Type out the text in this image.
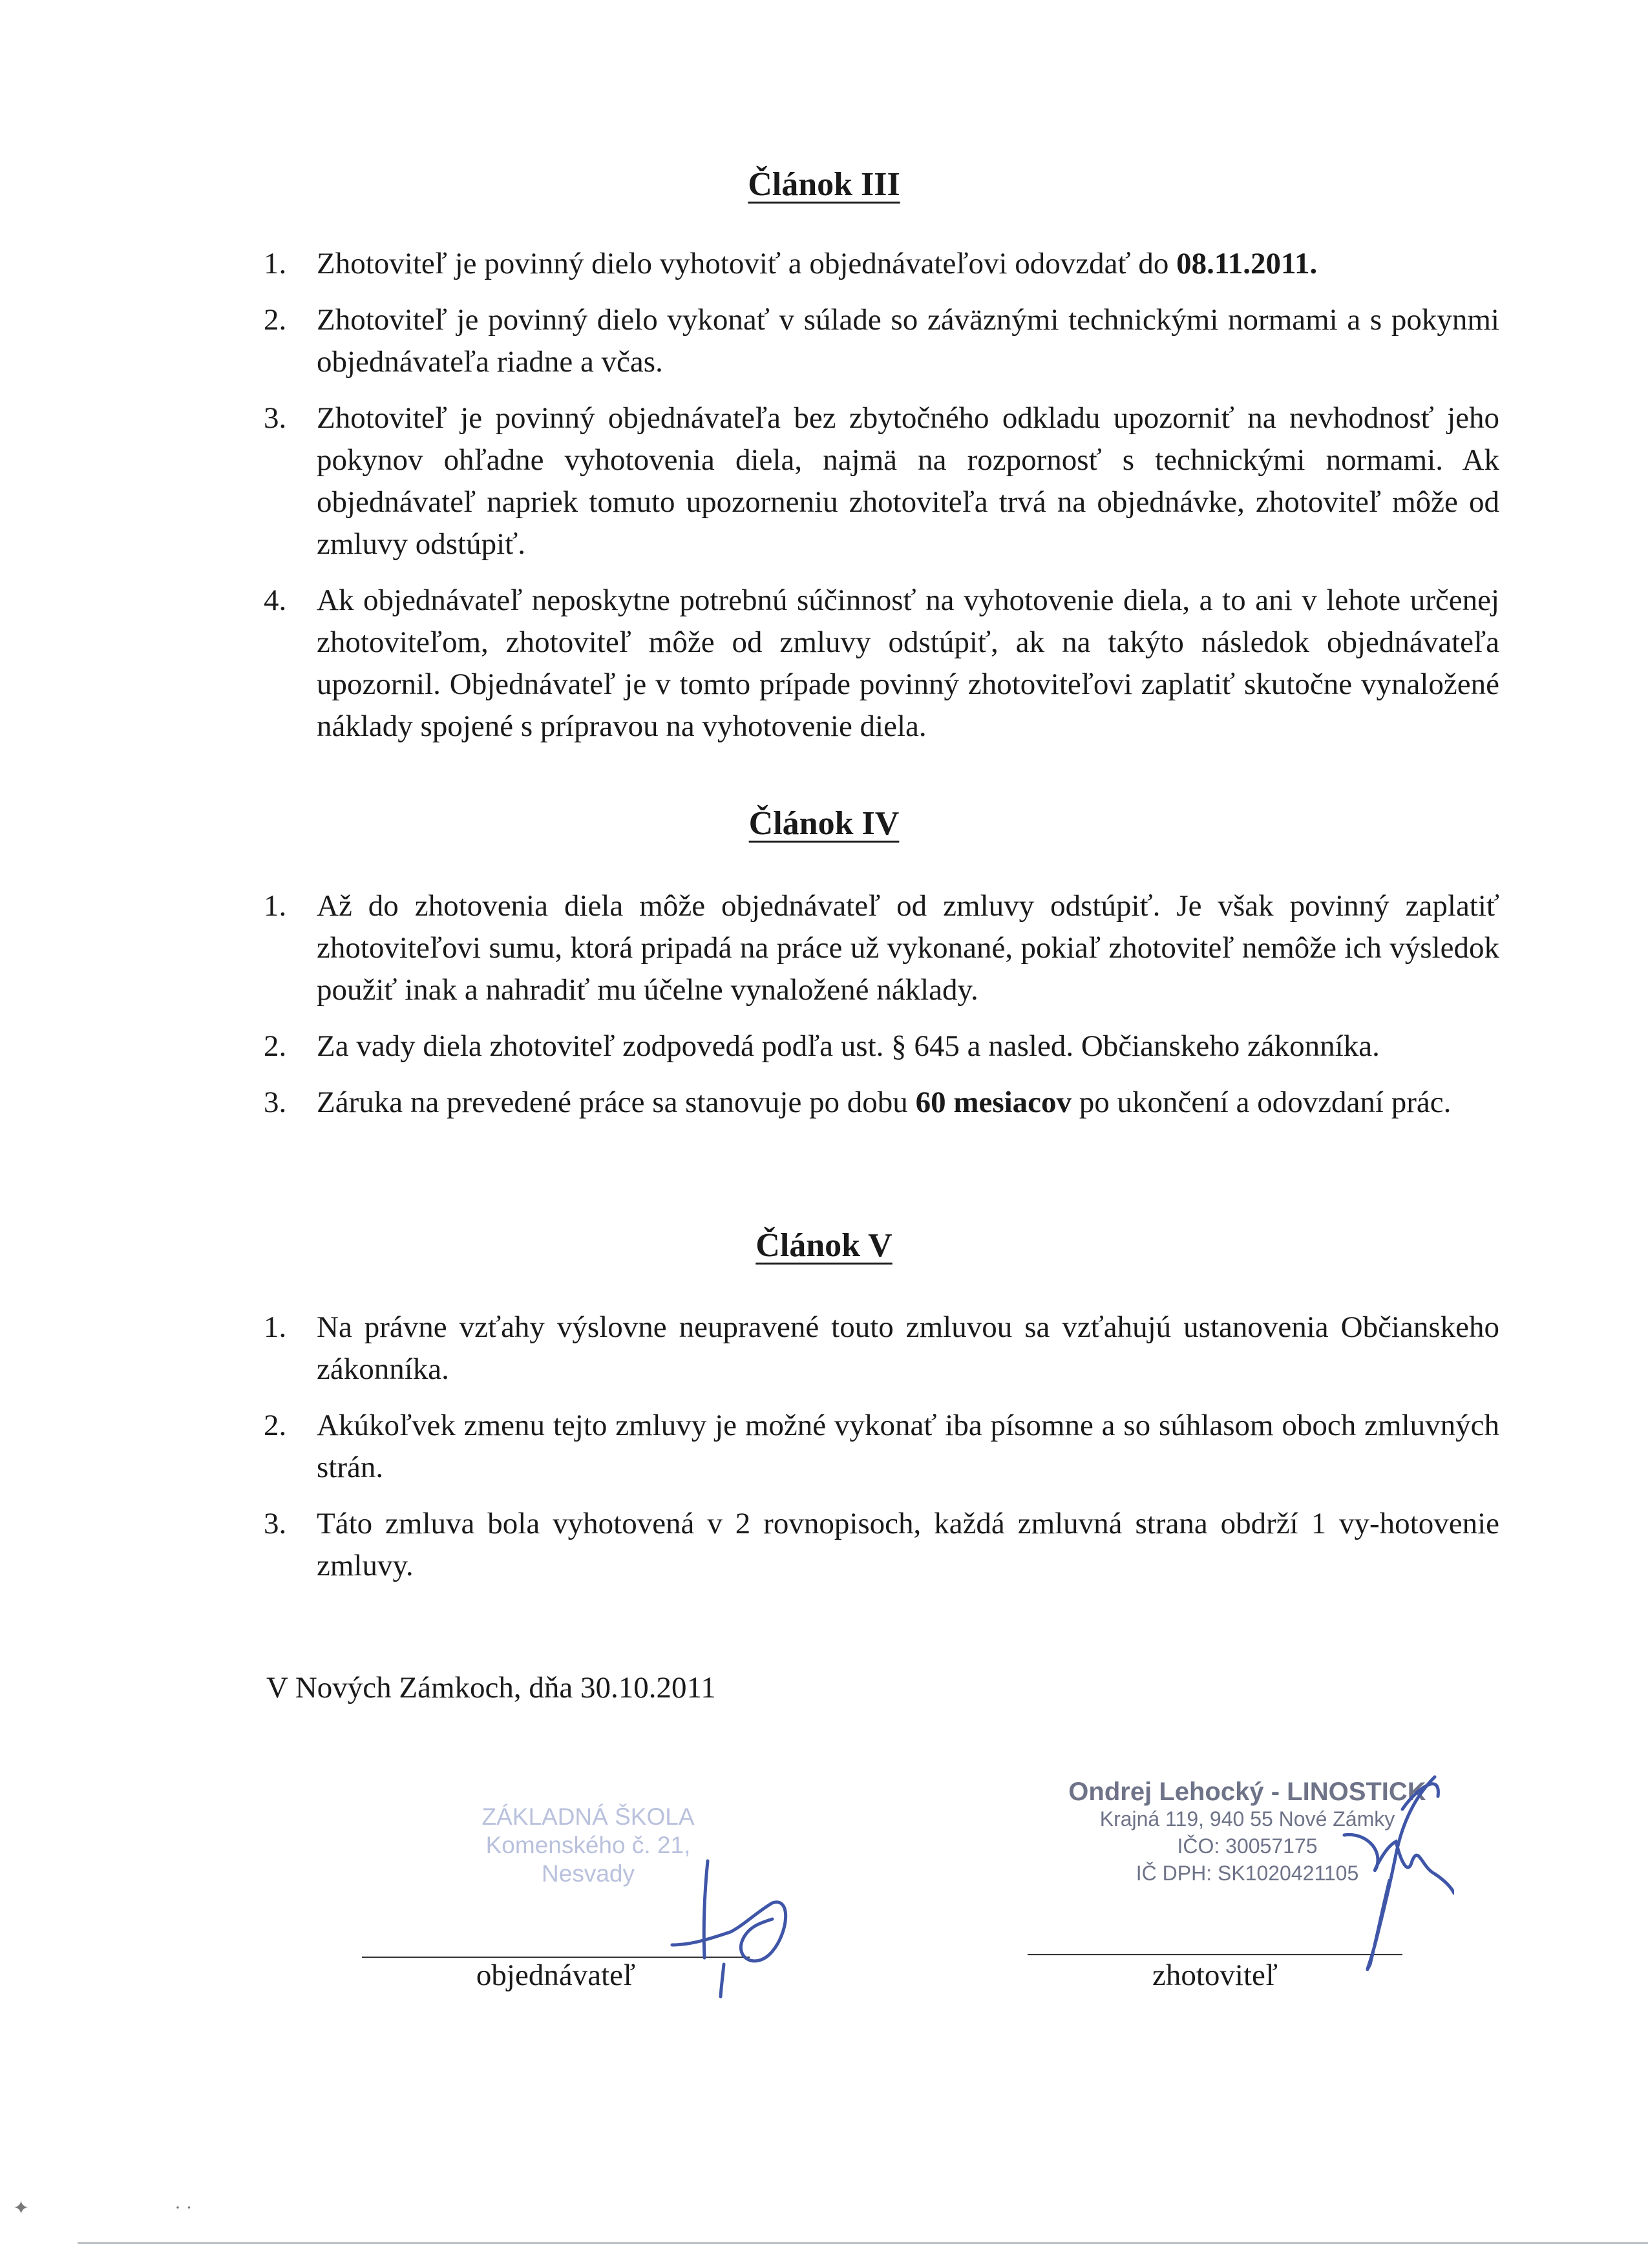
Článok III
1. Zhotoviteľ je povinný dielo vyhotoviť a objednávateľovi odovzdať do 08.11.2011.
2. Zhotoviteľ je povinný dielo vykonať v súlade so záväznými technickými normami a s pokynmi objednávateľa riadne a včas.
3. Zhotoviteľ je povinný objednávateľa bez zbytočného odkladu upozorniť na nevhodnosť jeho pokynov ohľadne vyhotovenia diela, najmä na rozpornosť s technickými normami. Ak objednávateľ napriek tomuto upozorneniu zhotoviteľa trvá na objednávke, zhotoviteľ môže od zmluvy odstúpiť.
4. Ak objednávateľ neposkytne potrebnú súčinnosť na vyhotovenie diela, a to ani v lehote určenej zhotoviteľom, zhotoviteľ môže od zmluvy odstúpiť, ak na takýto následok objednávateľa upozornil. Objednávateľ je v tomto prípade povinný zhotoviteľovi zaplatiť skutočne vynaložené náklady spojené s prípravou na vyhotovenie diela.
Článok IV
1. Až do zhotovenia diela môže objednávateľ od zmluvy odstúpiť. Je však povinný zaplatiť zhotoviteľovi sumu, ktorá pripadá na práce už vykonané, pokiaľ zhotoviteľ nemôže ich výsledok použiť inak a nahradiť mu účelne vynaložené náklady.
2. Za vady diela zhotoviteľ zodpovedá podľa ust. § 645 a nasled. Občianskeho zákonníka.
3. Záruka na prevedené práce sa stanovuje po dobu 60 mesiacov po ukončení a odovzdaní prác.
Článok V
1. Na právne vzťahy výslovne neupravené touto zmluvou sa vzťahujú ustanovenia Občianskeho zákonníka.
2. Akúkoľvek zmenu tejto zmluvy je možné vykonať iba písomne a so súhlasom oboch zmluvných strán.
3. Táto zmluva bola vyhotovená v 2 rovnopisoch, každá zmluvná strana obdrží 1 vy-hotovenie zmluvy.
V Nových Zámkoch, dňa 30.10.2011
ZÁKLADNÁ ŠKOLA
Komenského č. 21,
Nesvady
Ondrej Lehocký - LINOSTICK
Krajná 119, 940 55 Nové Zámky
IČO: 30057175
IČ DPH: SK1020421105
objednávateľ	zhotoviteľ
✦	· ·
